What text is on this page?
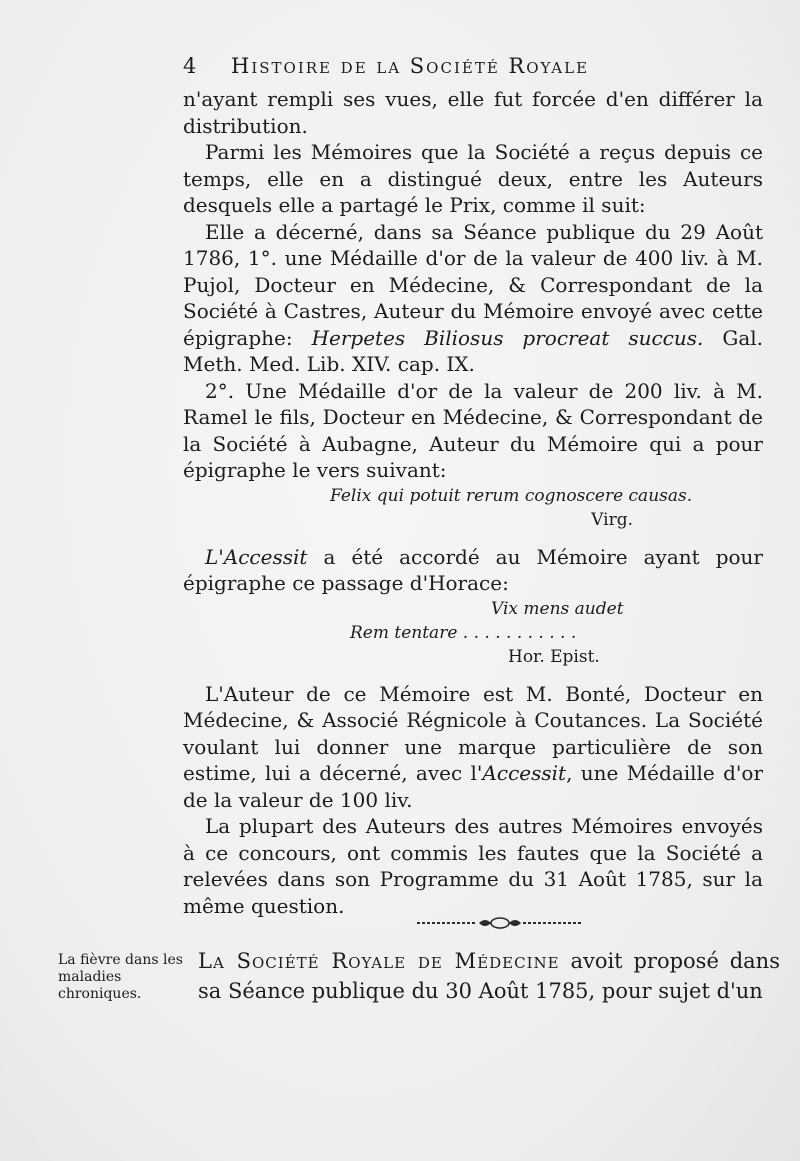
4 Histoire de la Société Royale

n'ayant rempli ses vues, elle fut forcée d'en différer la distribution.

Parmi les Mémoires que la Société a reçus depuis ce temps, elle en a distingué deux, entre les Auteurs desquels elle a partagé le Prix, comme il suit:

Elle a décerné, dans sa Séance publique du 29 Août 1786, 1°. une Médaille d'or de la valeur de 400 liv. à M. Pujol, Docteur en Médecine, & Correspondant de la Société à Castres, Auteur du Mémoire envoyé avec cette épigraphe: Herpetes Biliosus procreat succus. Gal. Meth. Med. Lib. XIV. cap. IX.

2°. Une Médaille d'or de la valeur de 200 liv. à M. Ramel le fils, Docteur en Médecine, & Correspondant de la Société à Aubagne, Auteur du Mémoire qui a pour épigraphe le vers suivant:

Felix qui potuit rerum cognoscere causas.

Virg.

L'Accessit a été accordé au Mémoire ayant pour épigraphe ce passage d'Horace:

Vix mens audet

Rem tentare . . . . . . . . . . .

Hor. Epist.

L'Auteur de ce Mémoire est M. Bonté, Docteur en Médecine, & Associé Régnicole à Coutances. La Société voulant lui donner une marque particulière de son estime, lui a décerné, avec l'Accessit, une Médaille d'or de la valeur de 100 liv.

La plupart des Auteurs des autres Mémoires envoyés à ce concours, ont commis les fautes que la Société a relevées dans son Programme du 31 Août 1785, sur la même question.

La fièvre dans les maladies chroniques.
La Société Royale de Médecine avoit proposé dans sa Séance publique du 30 Août 1785, pour sujet d'un
